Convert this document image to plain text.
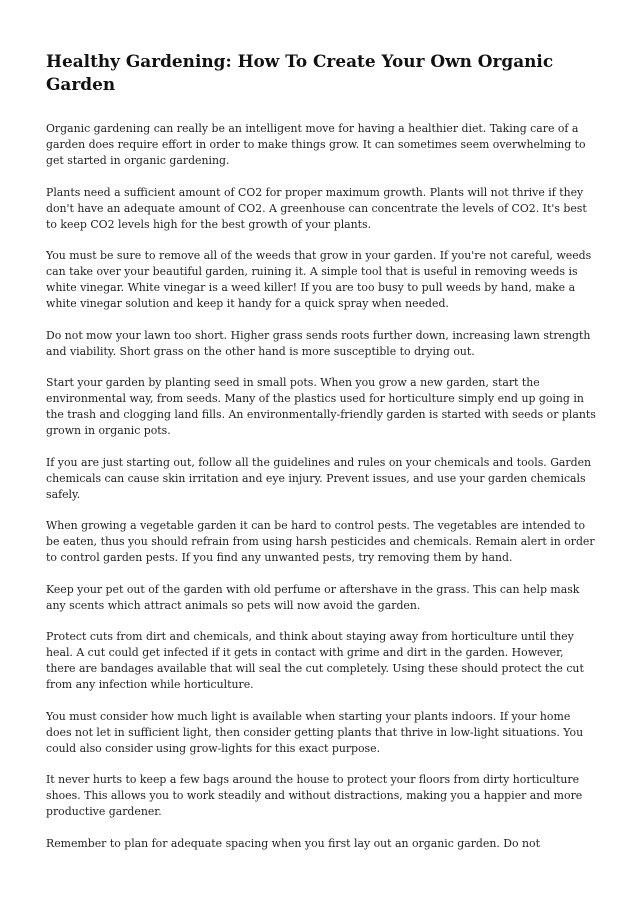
Healthy Gardening: How To Create Your Own Organic Garden

Organic gardening can really be an intelligent move for having a healthier diet. Taking care of a garden does require effort in order to make things grow. It can sometimes seem overwhelming to get started in organic gardening.

Plants need a sufficient amount of CO2 for proper maximum growth. Plants will not thrive if they don't have an adequate amount of CO2. A greenhouse can concentrate the levels of CO2. It's best to keep CO2 levels high for the best growth of your plants.

You must be sure to remove all of the weeds that grow in your garden. If you're not careful, weeds can take over your beautiful garden, ruining it. A simple tool that is useful in removing weeds is white vinegar. White vinegar is a weed killer! If you are too busy to pull weeds by hand, make a white vinegar solution and keep it handy for a quick spray when needed.

Do not mow your lawn too short. Higher grass sends roots further down, increasing lawn strength and viability. Short grass on the other hand is more susceptible to drying out.

Start your garden by planting seed in small pots. When you grow a new garden, start the environmental way, from seeds. Many of the plastics used for horticulture simply end up going in the trash and clogging land fills. An environmentally-friendly garden is started with seeds or plants grown in organic pots.

If you are just starting out, follow all the guidelines and rules on your chemicals and tools. Garden chemicals can cause skin irritation and eye injury. Prevent issues, and use your garden chemicals safely.

When growing a vegetable garden it can be hard to control pests. The vegetables are intended to be eaten, thus you should refrain from using harsh pesticides and chemicals. Remain alert in order to control garden pests. If you find any unwanted pests, try removing them by hand.

Keep your pet out of the garden with old perfume or aftershave in the grass. This can help mask any scents which attract animals so pets will now avoid the garden.

Protect cuts from dirt and chemicals, and think about staying away from horticulture until they heal. A cut could get infected if it gets in contact with grime and dirt in the garden. However, there are bandages available that will seal the cut completely. Using these should protect the cut from any infection while horticulture.

You must consider how much light is available when starting your plants indoors. If your home does not let in sufficient light, then consider getting plants that thrive in low-light situations. You could also consider using grow-lights for this exact purpose.

It never hurts to keep a few bags around the house to protect your floors from dirty horticulture shoes. This allows you to work steadily and without distractions, making you a happier and more productive gardener.

Remember to plan for adequate spacing when you first lay out an organic garden. Do not
